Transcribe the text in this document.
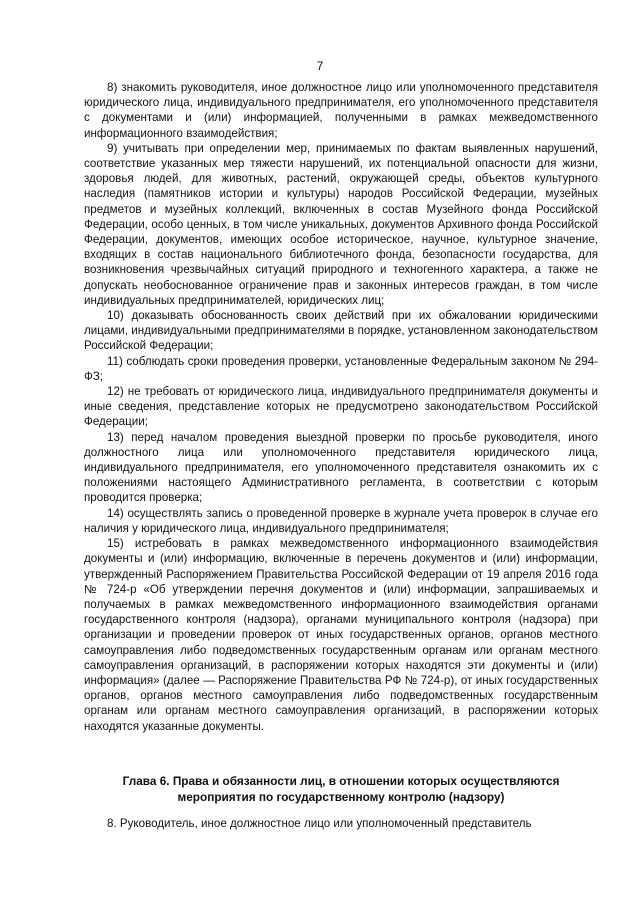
7

8) знакомить руководителя, иное должностное лицо или уполномоченного представителя юридического лица, индивидуального предпринимателя, его уполномоченного представителя с документами и (или) информацией, полученными в рамках межведомственного информационного взаимодействия;

9) учитывать при определении мер, принимаемых по фактам выявленных нарушений, соответствие указанных мер тяжести нарушений, их потенциальной опасности для жизни, здоровья людей, для животных, растений, окружающей среды, объектов культурного наследия (памятников истории и культуры) народов Российской Федерации, музейных предметов и музейных коллекций, включенных в состав Музейного фонда Российской Федерации, особо ценных, в том числе уникальных, документов Архивного фонда Российской Федерации, документов, имеющих особое историческое, научное, культурное значение, входящих в состав национального библиотечного фонда, безопасности государства, для возникновения чрезвычайных ситуаций природного и техногенного характера, а также не допускать необоснованное ограничение прав и законных интересов граждан, в том числе индивидуальных предпринимателей, юридических лиц;

10) доказывать обоснованность своих действий при их обжаловании юридическими лицами, индивидуальными предпринимателями в порядке, установленном законодательством Российской Федерации;

11) соблюдать сроки проведения проверки, установленные Федеральным законом № 294-ФЗ;

12) не требовать от юридического лица, индивидуального предпринимателя документы и иные сведения, представление которых не предусмотрено законодательством Российской Федерации;

13) перед началом проведения выездной проверки по просьбе руководителя, иного должностного лица или уполномоченного представителя юридического лица, индивидуального предпринимателя, его уполномоченного представителя ознакомить их с положениями настоящего Административного регламента, в соответствии с которым проводится проверка;

14) осуществлять запись о проведенной проверке в журнале учета проверок в случае его наличия у юридического лица, индивидуального предпринимателя;

15) истребовать в рамках межведомственного информационного взаимодействия документы и (или) информацию, включенные в перечень документов и (или) информации, утвержденный Распоряжением Правительства Российской Федерации от 19 апреля 2016 года № 724-р «Об утверждении перечня документов и (или) информации, запрашиваемых и получаемых в рамках межведомственного информационного взаимодействия органами государственного контроля (надзора), органами муниципального контроля (надзора) при организации и проведении проверок от иных государственных органов, органов местного самоуправления либо подведомственных государственным органам или органам местного самоуправления организаций, в распоряжении которых находятся эти документы и (или) информация» (далее — Распоряжение Правительства РФ № 724-р), от иных государственных органов, органов местного самоуправления либо подведомственных государственным органам или органам местного самоуправления организаций, в распоряжении которых находятся указанные документы.

Глава 6. Права и обязанности лиц, в отношении которых осуществляются
мероприятия по государственному контролю (надзору)

8. Руководитель, иное должностное лицо или уполномоченный представитель
